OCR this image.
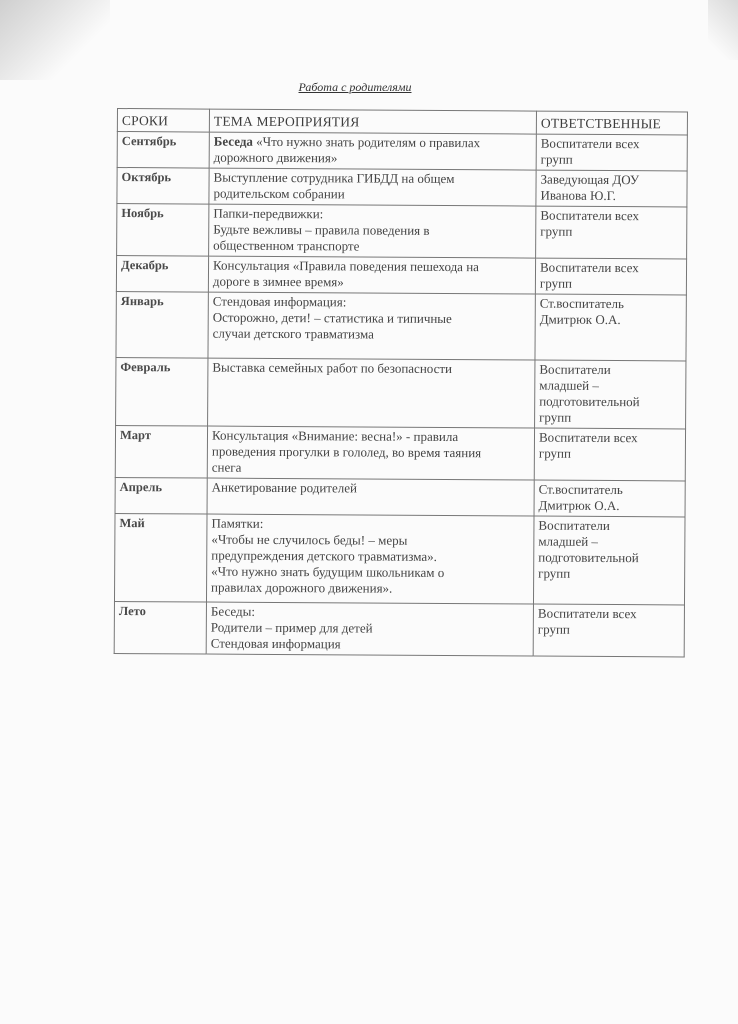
Работа с родителями
СРОКИ	ТЕМА МЕРОПРИЯТИЯ	ОТВЕТСТВЕННЫЕ
Сентябрь	Беседа «Что нужно знать родителям о правилах
дорожного движения»	Воспитатели всех
групп

Октябрь	Выступление сотрудника ГИБДД на общем
родительском собрании	Заведующая ДОУ
Иванова Ю.Г.

Ноябрь	Папки-передвижки:
Будьте вежливы – правила поведения в
общественном транспорте	Воспитатели всех
групп

Декабрь	Консультация «Правила поведения пешехода на
дороге в зимнее время»	Воспитатели всех
групп

Январь	Стендовая информация:
Осторожно, дети! – статистика и типичные
случаи детского травматизма	Ст.воспитатель
Дмитрюк О.А.

Февраль	Выставка семейных работ по безопасности	Воспитатели
младшей –
подготовительной
групп

Март	Консультация «Внимание: весна!» - правила
проведения прогулки в гололед, во время таяния
снега	Воспитатели всех
групп

Апрель	Анкетирование родителей	Ст.воспитатель
Дмитрюк О.А.

Май	Памятки:
«Чтобы не случилось беды! – меры
предупреждения детского травматизма».
«Что нужно знать будущим школьникам о
правилах дорожного движения».	Воспитатели
младшей –
подготовительной
групп

Лето	Беседы:
Родители – пример для детей
Стендовая информация	Воспитатели всех
групп
